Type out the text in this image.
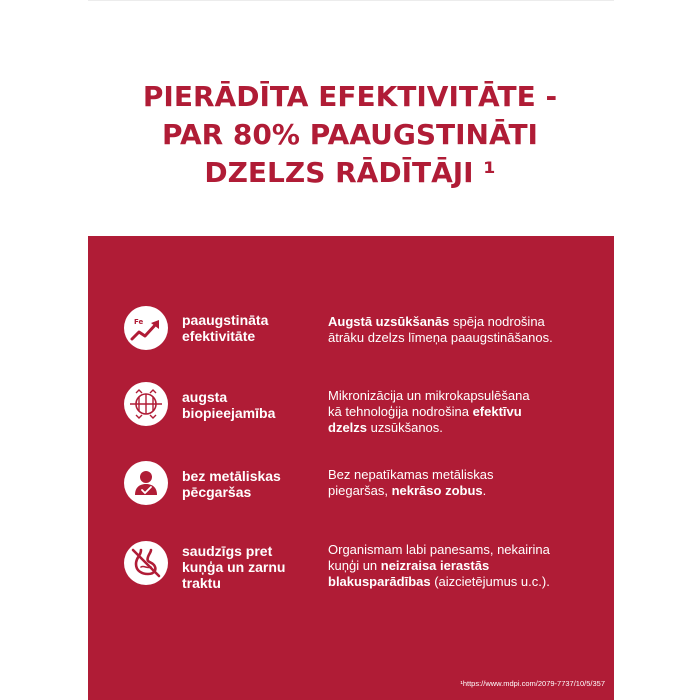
PIERĀDĪTA EFEKTIVITĀTE -
PAR 80% PAAUGSTINĀTI
DZELZS RĀDĪTĀJI ¹
Fe	paaugstināta
efektivitāte
Augstā uzsūkšanās spēja nodrošina
ātrāku dzelzs līmeņa paaugstināšanos.
augsta
biopieejamība
Mikronizācija un mikrokapsulēšana
kā tehnoloģija nodrošina efektīvu
dzelzs uzsūkšanos.
bez metāliskas
pēcgaršas
Bez nepatīkamas metāliskas
piegaršas, nekrāso zobus.
saudzīgs pret
kuņģa un zarnu
traktu
Organismam labi panesams, nekairina
kuņģi un neizraisa ierastās
blakusparādības (aizcietējumus u.c.).
¹https://www.mdpi.com/2079-7737/10/5/357
